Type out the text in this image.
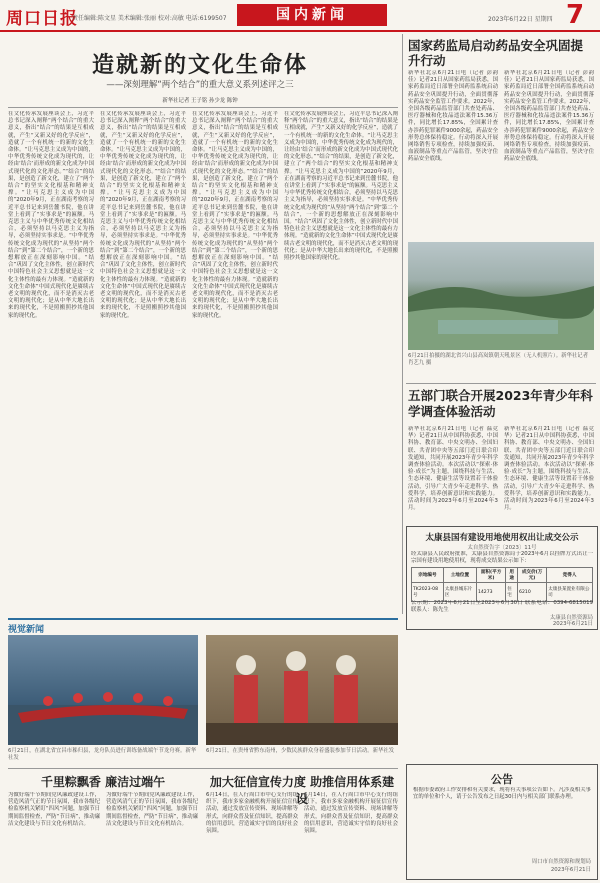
周口日报
责任编辑:陈文星 美术编辑:张丽 校对:高敏 电话:6199507	国内新闻	2023年6月22日 星期四 7
造就新的文化生命体
——深刻理解“两个结合”的重大意义系列述评之三
新华社记者 王子铭 孙少龙 陈钟
在文化传承发展座谈会上，习近平总书记深入阐释“两个结合”的重大意义，指出“结合”的结果是互相成就，产生“又新又好的化学反应”，造就了一个有机统一的新的文化生命体。“让马克思主义成为中国的，中华优秀传统文化成为现代的，让经由‘结合’而形成的新文化成为中国式现代化的文化形态。”“结合”的结果，是创造了新文化，建立了“两个结合”的坚实文化根基和精神支撑。“让马克思主义成为中国的”2020年9月，正在湖南考察的习近平总书记来到岳麓书院，他在讲堂上看到了“实事求是”的匾额。马克思主义与中华优秀传统文化相结合，必须坚持以马克思主义为指导，必须坚持实事求是。“中华优秀传统文化成为现代的”从坚持“两个结合”到“第二个结合”，一个新的思想解放正在深刻影响中国。“结合”巩固了文化主体性，创立新时代中国特色社会主义思想就是这一文化主体性的最有力体现。“造就新的文化生命体”中国式现代化是赓续古老文明的现代化，而不是消灭古老文明的现代化；是从中华大地长出来的现代化，不是照搬照抄其他国家的现代化。
在文化传承发展座谈会上，习近平总书记深入阐释“两个结合”的重大意义，指出“结合”的结果是互相成就，产生“又新又好的化学反应”，造就了一个有机统一的新的文化生命体。“让马克思主义成为中国的，中华优秀传统文化成为现代的，让经由‘结合’而形成的新文化成为中国式现代化的文化形态。”“结合”的结果，是创造了新文化，建立了“两个结合”的坚实文化根基和精神支撑。“让马克思主义成为中国的”2020年9月，正在湖南考察的习近平总书记来到岳麓书院，他在讲堂上看到了“实事求是”的匾额。马克思主义与中华优秀传统文化相结合，必须坚持以马克思主义为指导，必须坚持实事求是。“中华优秀传统文化成为现代的”从坚持“两个结合”到“第二个结合”，一个新的思想解放正在深刻影响中国。“结合”巩固了文化主体性，创立新时代中国特色社会主义思想就是这一文化主体性的最有力体现。“造就新的文化生命体”中国式现代化是赓续古老文明的现代化，而不是消灭古老文明的现代化；是从中华大地长出来的现代化，不是照搬照抄其他国家的现代化。
在文化传承发展座谈会上，习近平总书记深入阐释“两个结合”的重大意义，指出“结合”的结果是互相成就，产生“又新又好的化学反应”，造就了一个有机统一的新的文化生命体。“让马克思主义成为中国的，中华优秀传统文化成为现代的，让经由‘结合’而形成的新文化成为中国式现代化的文化形态。”“结合”的结果，是创造了新文化，建立了“两个结合”的坚实文化根基和精神支撑。“让马克思主义成为中国的”2020年9月，正在湖南考察的习近平总书记来到岳麓书院，他在讲堂上看到了“实事求是”的匾额。马克思主义与中华优秀传统文化相结合，必须坚持以马克思主义为指导，必须坚持实事求是。“中华优秀传统文化成为现代的”从坚持“两个结合”到“第二个结合”，一个新的思想解放正在深刻影响中国。“结合”巩固了文化主体性，创立新时代中国特色社会主义思想就是这一文化主体性的最有力体现。“造就新的文化生命体”中国式现代化是赓续古老文明的现代化，而不是消灭古老文明的现代化；是从中华大地长出来的现代化，不是照搬照抄其他国家的现代化。
在文化传承发展座谈会上，习近平总书记深入阐释“两个结合”的重大意义，指出“结合”的结果是互相成就，产生“又新又好的化学反应”，造就了一个有机统一的新的文化生命体。“让马克思主义成为中国的，中华优秀传统文化成为现代的，让经由‘结合’而形成的新文化成为中国式现代化的文化形态。”“结合”的结果，是创造了新文化，建立了“两个结合”的坚实文化根基和精神支撑。“让马克思主义成为中国的”2020年9月，正在湖南考察的习近平总书记来到岳麓书院，他在讲堂上看到了“实事求是”的匾额。马克思主义与中华优秀传统文化相结合，必须坚持以马克思主义为指导，必须坚持实事求是。“中华优秀传统文化成为现代的”从坚持“两个结合”到“第二个结合”，一个新的思想解放正在深刻影响中国。“结合”巩固了文化主体性，创立新时代中国特色社会主义思想就是这一文化主体性的最有力体现。“造就新的文化生命体”中国式现代化是赓续古老文明的现代化，而不是消灭古老文明的现代化；是从中华大地长出来的现代化，不是照搬照抄其他国家的现代化。
国家药监局启动药品安全巩固提升行动
新华社北京6月21日电（记者 彭韵佳）记者21日从国家药监局获悉，国家药监局近日部署全国药监系统启动药品安全巩固提升行动，全面贯彻落实药品安全监管工作要求。2022年，全国各级药品监管部门共查处药品、医疗器械和化妆品违法案件15.36万件，同比增长17.85%，全国累计查办涉药犯罪案件9000余起，药品安全形势总体保持稳定。行动将深入开展网络销售专项检查，持续加强疫苗、血液制品等重点产品监管，坚决守住药品安全底线。
新华社北京6月21日电（记者 彭韵佳）记者21日从国家药监局获悉，国家药监局近日部署全国药监系统启动药品安全巩固提升行动，全面贯彻落实药品安全监管工作要求。2022年，全国各级药品监管部门共查处药品、医疗器械和化妆品违法案件15.36万件，同比增长17.85%，全国累计查办涉药犯罪案件9000余起，药品安全形势总体保持稳定。行动将深入开展网络销售专项检查，持续加强疫苗、血液制品等重点产品监管，坚决守住药品安全底线。
6月21日拍摄的湖北省兴山县高岚镇朝天吼景区（无人机照片）。新华社记者 肖艺九 摄
五部门联合开展2023年青少年科学调查体验活动
新华社北京6月21日电（记者 温竞华）记者21日从中国科协获悉，中国科协、教育部、中央文明办、全国妇联、共青团中央等五部门近日联合印发通知，共同开展2023年青少年科学调查体验活动。本次活动以“探索·体验·成长”为主题，围绕科技与生活、生态环境、健康生活等设置若干体验活动，引导广大青少年走进科学、热爱科学，培养创新意识和实践能力。活动时间为2023年6月至2024年3月。
新华社北京6月21日电（记者 温竞华）记者21日从中国科协获悉，中国科协、教育部、中央文明办、全国妇联、共青团中央等五部门近日联合印发通知，共同开展2023年青少年科学调查体验活动。本次活动以“探索·体验·成长”为主题，围绕科技与生活、生态环境、健康生活等设置若干体验活动，引导广大青少年走进科学、热爱科学，培养创新意识和实践能力。活动时间为2023年6月至2024年3月。
太康县国有建设用地使用权出让成交公示
太自然资告字〔2023〕11号
经太康县人民政府批准，太康县自然资源局于2023年6月以挂牌方式出让一宗国有建设用地使用权，现将成交结果公示如下：
宗地编号	土地位置	面积(平方米)	用途	成交价(万元)	竞得人
TK2023-08号	太康县城东片区	14273	住宅	6210	太康县某置业有限公司
公示期：2023年6月21日至2023年6月30日 联系电话：0394-6815019 联系人：陈先生
太康县自然资源局
2023年6月21日
视觉新闻
6月21日，在湖北省宜昌市秭归县，龙舟队员进行训练备战端午节龙舟赛。新华社发
6月21日，在贵州省黔东南州，少数民族群众身着盛装参加节日活动。新华社发
千里粽飘香 廉洁过端午
为做好端午节期间党风廉政建设工作，营造风清气正的节日氛围，我市各级纪检监察机关紧盯“四风”问题，加强节日期间监督检查，严防“节日病”，推动廉洁文化建设与节日文化有机结合。
为做好端午节期间党风廉政建设工作，营造风清气正的节日氛围，我市各级纪检监察机关紧盯“四风”问题，加强节日期间监督检查，严防“节日病”，推动廉洁文化建设与节日文化有机结合。
加大征信宣传力度 助推信用体系建设
6月14日，在人行周口市中心支行的组织下，我市多家金融机构开展征信宣传活动，通过发放宣传资料、现场讲解等形式，向群众普及征信知识，提高群众的信用意识，营造诚实守信的良好社会氛围。
6月14日，在人行周口市中心支行的组织下，我市多家金融机构开展征信宣传活动，通过发放宣传资料、现场讲解等形式，向群众普及征信知识，提高群众的信用意识，营造诚实守信的良好社会氛围。
公告
根据市委政府工作安排和有关要求，现将有关事项公告如下。凡涉及相关事宜的单位和个人，请于公告发布之日起30日内与相关部门联系办理。
周口市自然资源和规划局
2023年6月21日
